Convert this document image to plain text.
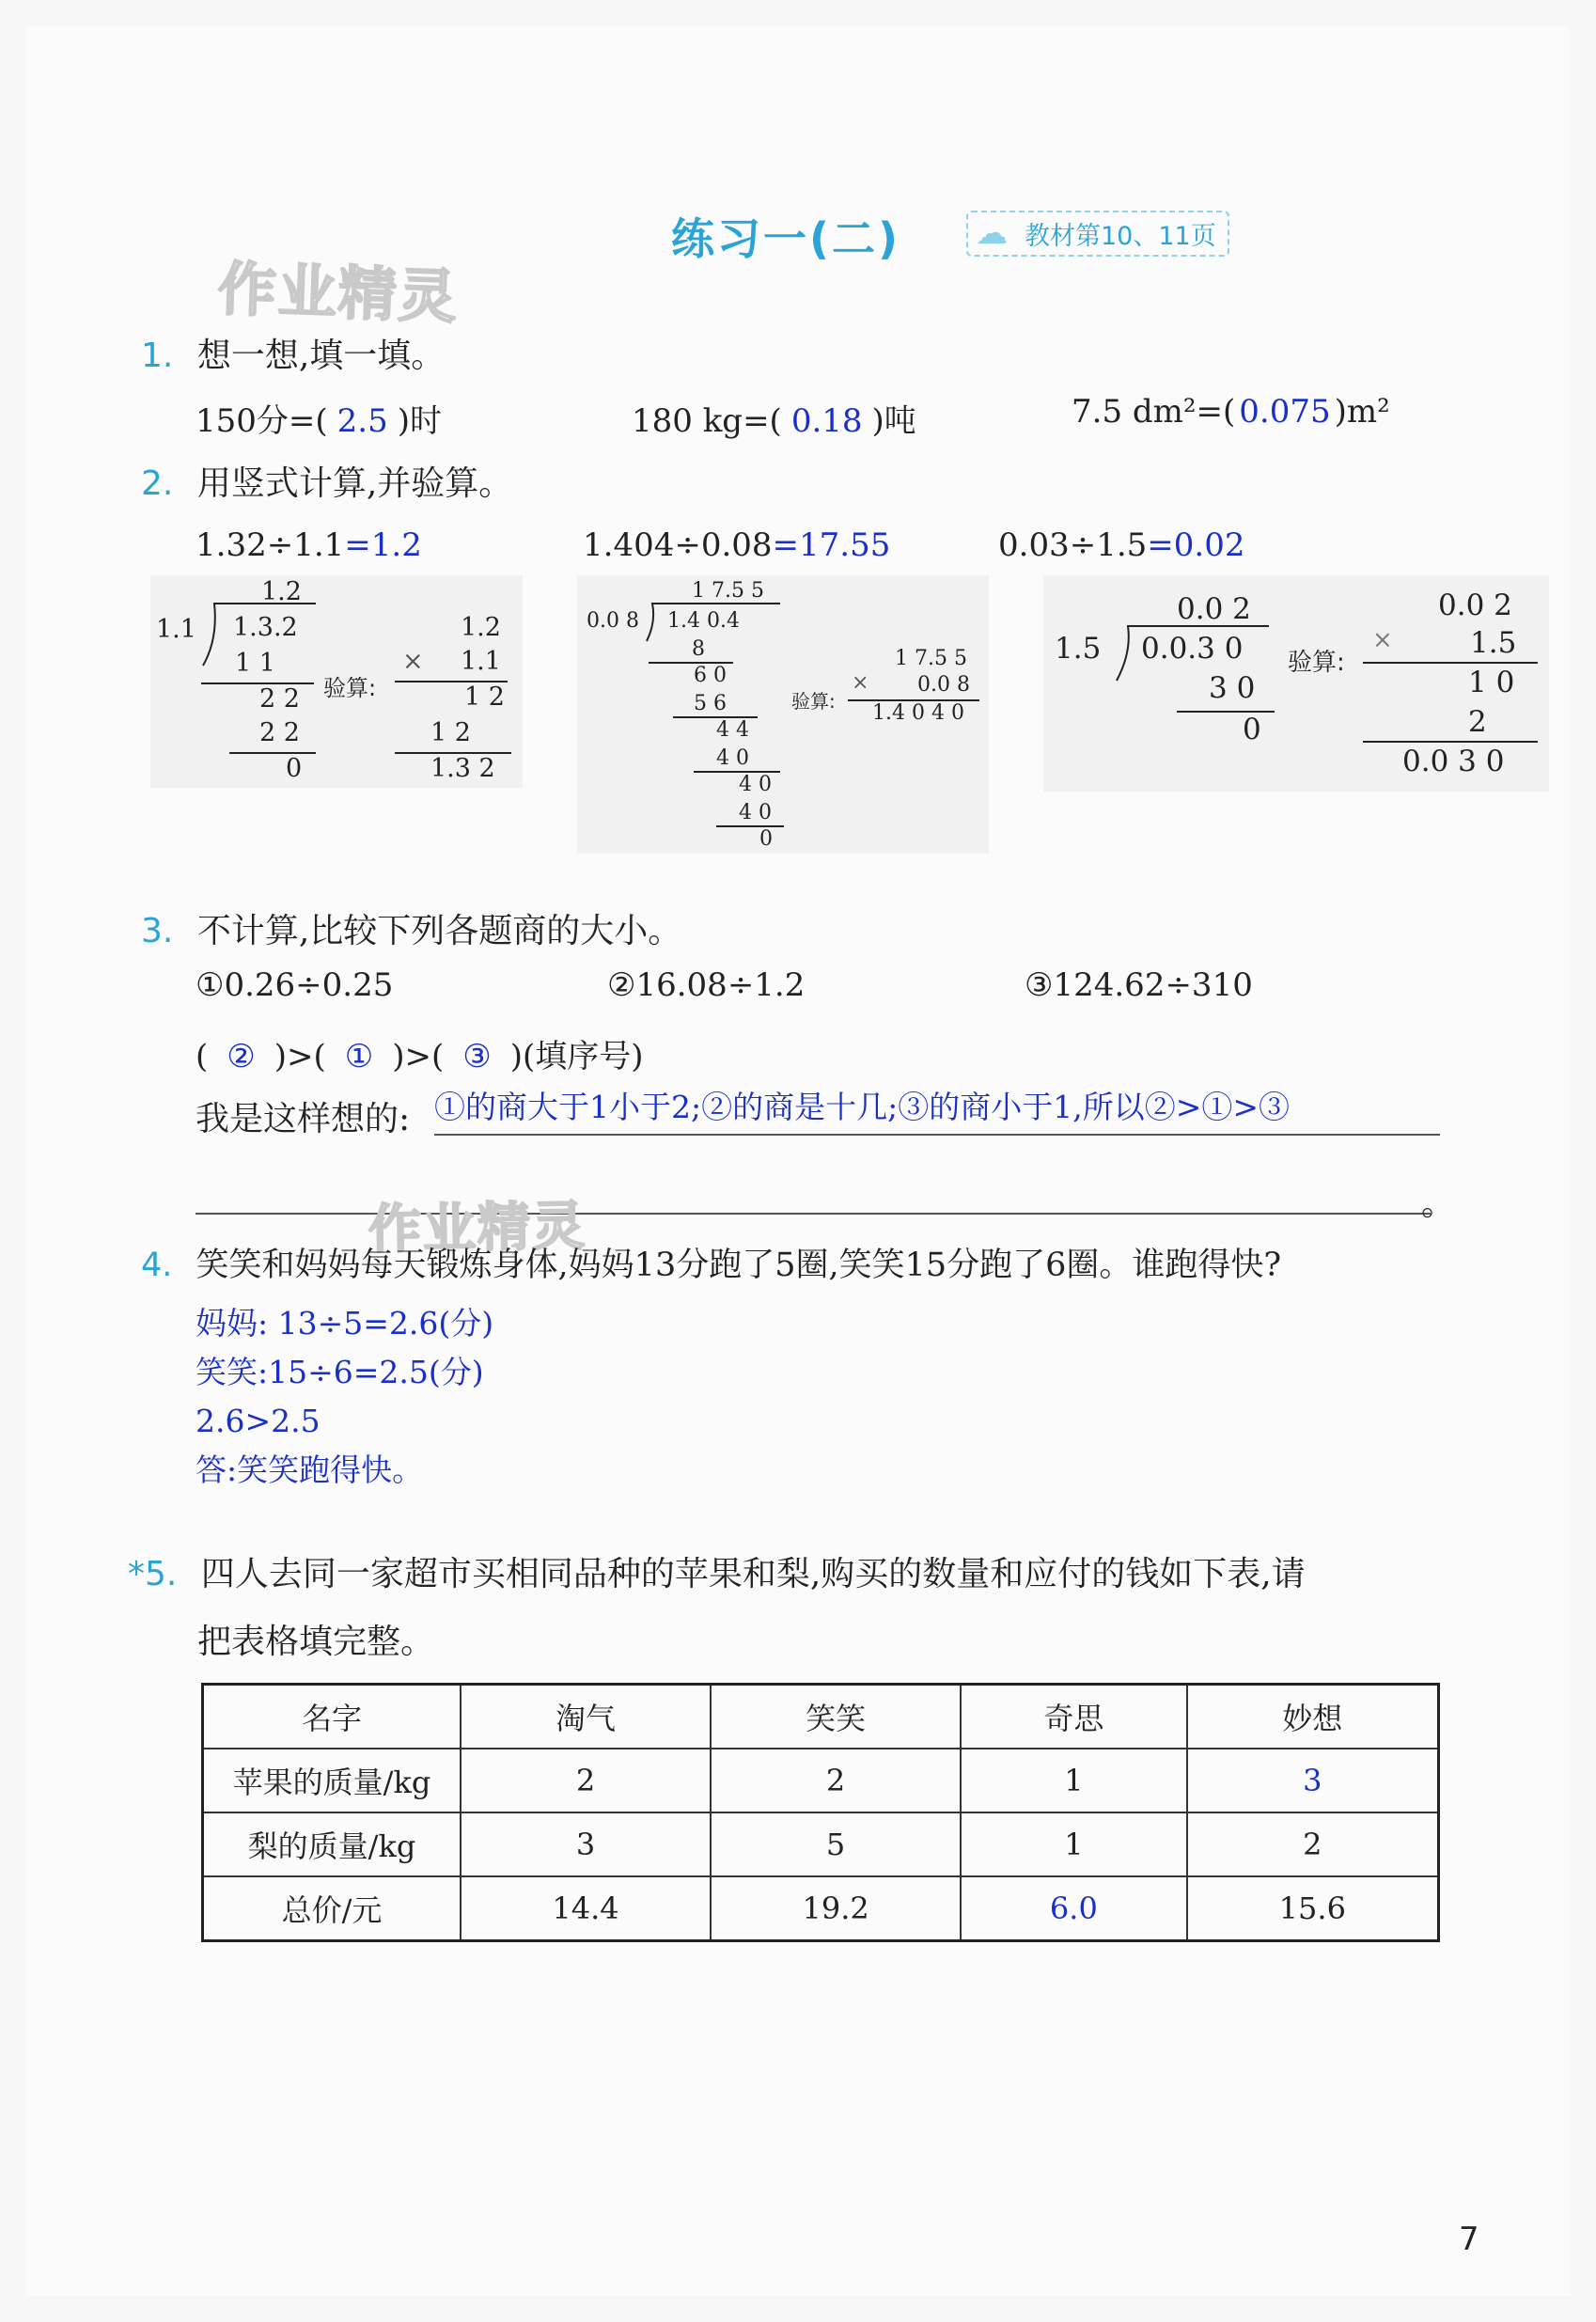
练习一(二) ☁ 教材第10、11页
作业精灵
1. 想一想,填一填。
150分=( 2.5 )时	180 kg=( 0.18 )吨	7.5 dm²=( 0.075 )m²
2. 用竖式计算,并验算。
1.32÷1.1=1.2	1.404÷0.08=17.55	0.03÷1.5=0.02
1.2
1.1 1.3.2
1 1
2 2
2 2
0
验算:
1.2
× 1.1
1 2
1 2
1.3 2
1 7.5 5
0.0 8 1.4 0.4
8
6 0
5 6
4 4
4 0
4 0
4 0
0
验算:
1 7.5 5
× 0.0 8
1.4 0 4 0
0.0 2
1.5 0.0.3 0
3 0
0
验算:
0.0 2
×	1.5
1 0
2
0.0 3 0
3. 不计算,比较下列各题商的大小。
①0.26÷0.25	②16.08÷1.2	③124.62÷310
( ② )>( ① )>( ③ )(填序号)
我是这样想的: ①的商大于1小于2;②的商是十几;③的商小于1,所以②>①>③
。
作业精灵
4. 笑笑和妈妈每天锻炼身体,妈妈13分跑了5圈,笑笑15分跑了6圈。谁跑得快?
妈妈: 13÷5=2.6(分)
笑笑:15÷6=2.5(分)
2.6>2.5
答:笑笑跑得快。
*5. 四人去同一家超市买相同品种的苹果和梨,购买的数量和应付的钱如下表,请
把表格填完整。
名字	淘气	笑笑	奇思	妙想
苹果的质量/kg	2	2	1	3
梨的质量/kg	3	5	1	2
总价/元	14.4	19.2	6.0	15.6
7
